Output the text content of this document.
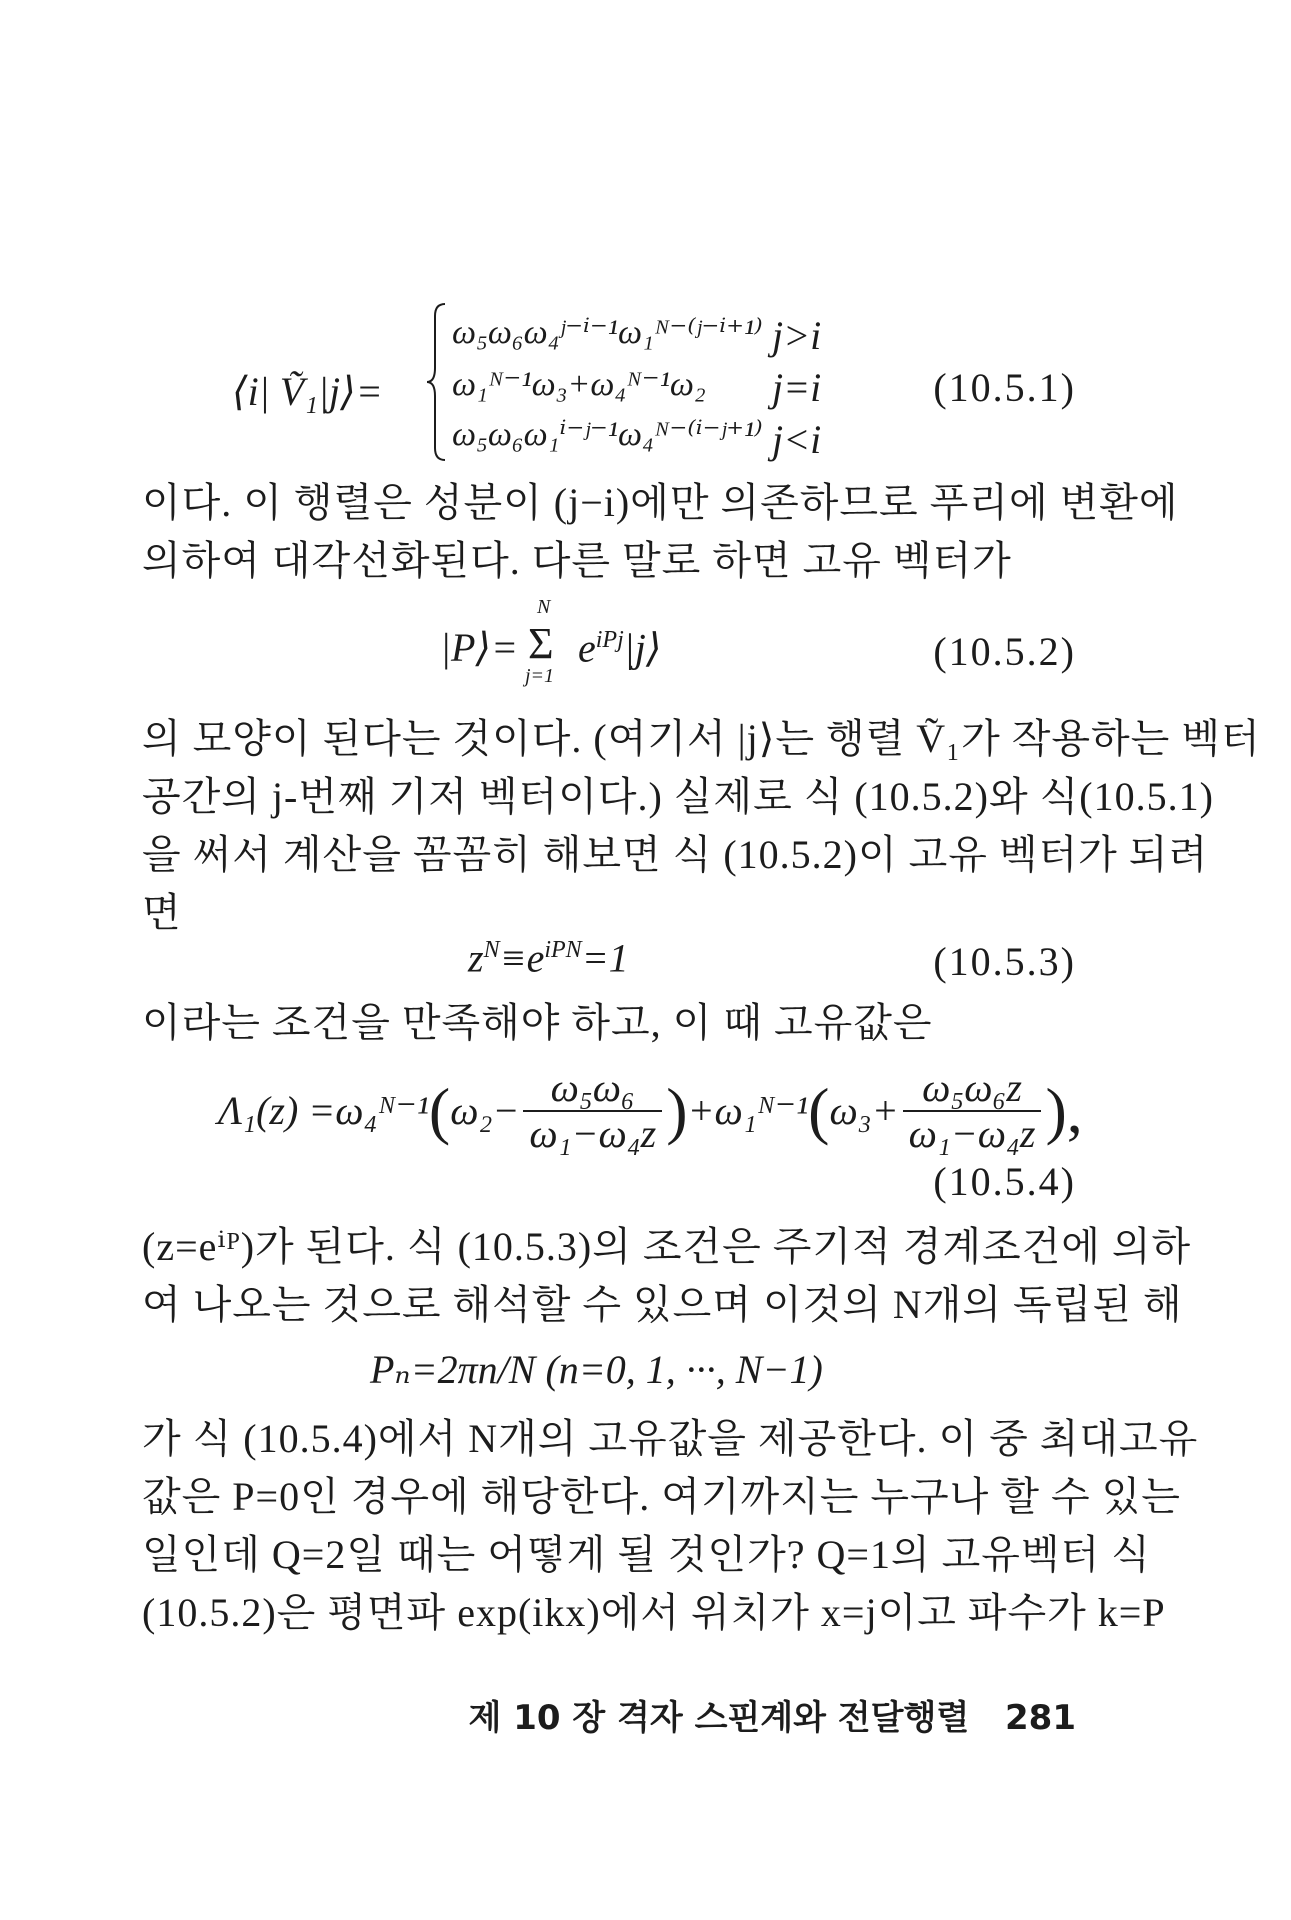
⟨i| Ṽ₁|j⟩=
ω₅ω₆ω₄ʲ⁻ⁱ⁻¹ω₁ᴺ⁻⁽ʲ⁻ⁱ⁺¹⁾
ω₁ᴺ⁻¹ω₃+ω₄ᴺ⁻¹ω₂
ω₅ω₆ω₁ⁱ⁻ʲ⁻¹ω₄ᴺ⁻⁽ⁱ⁻ʲ⁺¹⁾
j>i
j=i
j<i
(10.5.1)
이다. 이 행렬은 성분이 (j−i)에만 의존하므로 푸리에 변환에
의하여 대각선화된다. 다른 말로 하면 고유 벡터가
|P⟩=
N
Σ
j=1
$e^{iPj}|j⟩$	(10.5.2)
의 모양이 된다는 것이다. (여기서 |j⟩는 행렬 Ṽ₁가 작용하는 벡터
공간의 j-번째 기저 벡터이다.) 실제로 식 (10.5.2)와 식(10.5.1)
을 써서 계산을 꼼꼼히 해보면 식 (10.5.2)이 고유 벡터가 되려
면
$z^N\equiv e^{iPN}=1$	(10.5.3)
이라는 조건을 만족해야 하고, 이 때 고유값은
Λ₁(z) =ω₄ᴺ⁻¹ ( $\omega_2- \frac{\text{ω₅ω₆}}{\text{ω₁−ω₄z}}$ ) +ω₁ᴺ⁻¹ ( $\omega_3+ \frac{\text{ω₅ω₆z}}{\text{ω₁−ω₄z}}$ ),
(10.5.4)
(z=eⁱᴾ)가 된다. 식 (10.5.3)의 조건은 주기적 경계조건에 의하
여 나오는 것으로 해석할 수 있으며 이것의 N개의 독립된 해
Pₙ=2πn/N (n=0, 1, ···, N−1)
가 식 (10.5.4)에서 N개의 고유값을 제공한다. 이 중 최대고유
값은 P=0인 경우에 해당한다. 여기까지는 누구나 할 수 있는
일인데 Q=2일 때는 어떻게 될 것인가? Q=1의 고유벡터 식
(10.5.2)은 평면파 exp(ikx)에서 위치가 x=j이고 파수가 k=P
제 10 장 격자 스핀계와 전달행렬 281
